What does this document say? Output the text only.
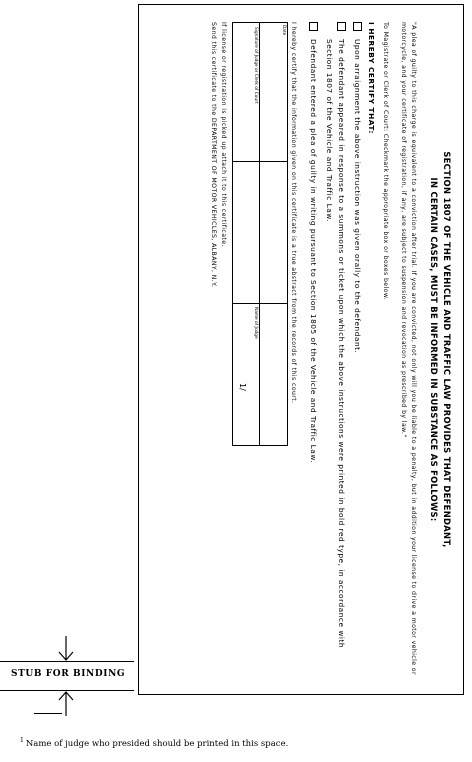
SECTION 1807 OF THE VEHICLE AND TRAFFIC LAW PROVIDES THAT DEFENDANT,
IN CERTAIN CASES, MUST BE INFORMED IN SUBSTANCE AS FOLLOWS:
"A plea of guilty to this charge is equivalent to a conviction after trial. If you are convicted, not only will you be liable to a penalty, but in addition your license to drive a motor vehicle or motorcycle, and your certificate of registration, if any, are subject to suspension and revocation as prescribed by law."
To Magistrate or Clerk of Court: Checkmark the appropriate box or boxes below.
I HEREBY CERTIFY THAT:
Upon arraignment the above instruction was given orally to the defendant.
The defendant appeared in response to a summons or ticket upon which the above instructions were printed in bold red type, in accordance with Section 1807 of the Vehicle and Traffic Law.
Defendant entered a plea of guilty in writing pursuant to Section 1805 of the Vehicle and Traffic Law.
I hereby certify that the information given on this certificate is a true abstract from the records of this court.
Date
Signature of Judge or Clerk of Court
Name of Judge
1/
If license or registration is picked up attach it to this certificate.
Send this certificate to the DEPARTMENT OF MOTOR VEHICLES, ALBANY, N.Y.
STUB FOR BINDING
$^1$ Name of judge who presided should be printed in this space.
